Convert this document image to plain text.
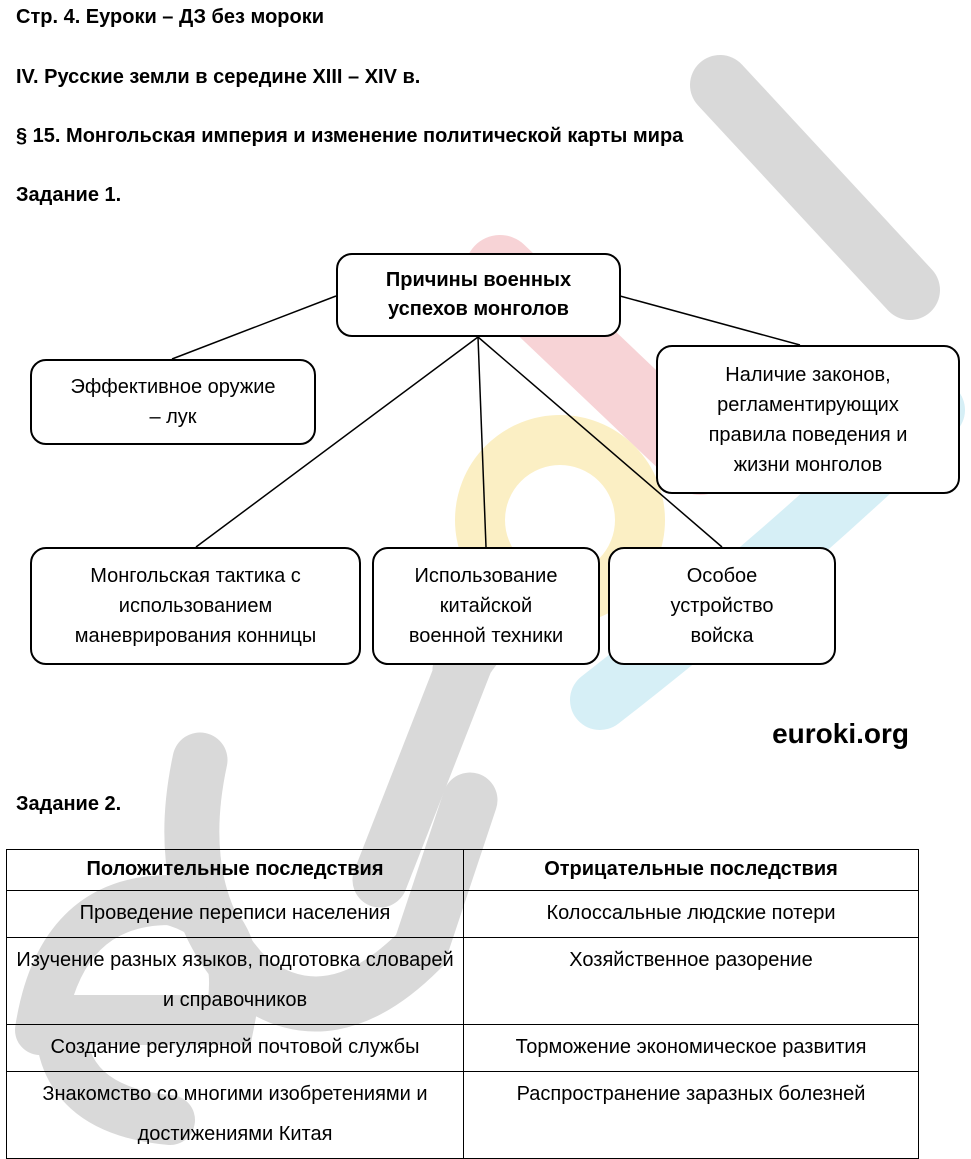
Стр. 4. Еуроки – ДЗ без мороки
IV. Русские земли в середине XIII – XIV в.
§ 15. Монгольская империя и изменение политической карты мира
Задание 1.
Причины военных
успехов монголов
Эффективное оружие
– лук
Наличие законов,
регламентирующих
правила поведения и
жизни монголов
Монгольская тактика с
использованием
маневрирования конницы
Использование
китайской
военной техники
Особое
устройство
войска
euroki.org
Задание 2.
Положительные последствия	Отрицательные последствия
Проведение переписи населения	Колоссальные людские потери
Изучение разных языков, подготовка словарей и справочников	Хозяйственное разорение
Создание регулярной почтовой службы	Торможение экономическое развития
Знакомство со многими изобретениями и достижениями Китая	Распространение заразных болезней
